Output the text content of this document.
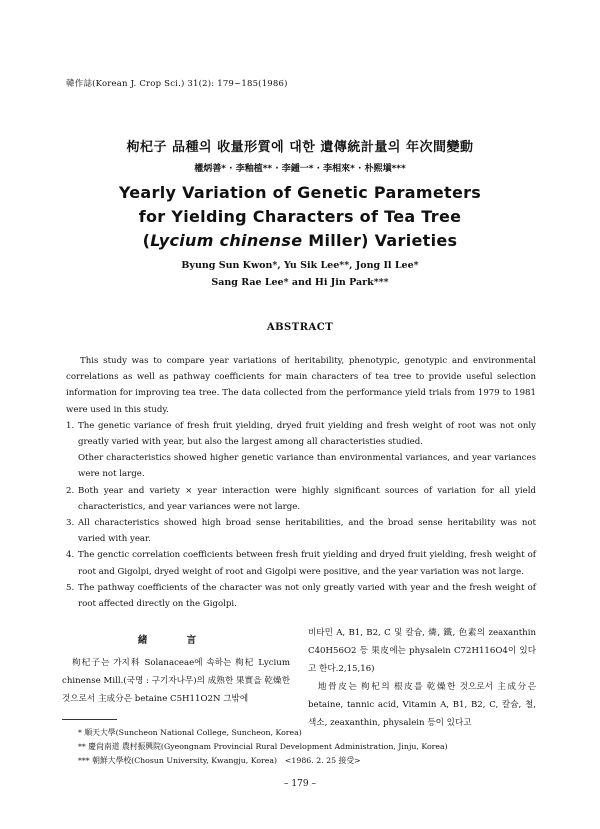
韓作誌(Korean J. Crop Sci.) 31(2): 179~185(1986)
枸杞子 品種의 收量形質에 대한 遺傳統計量의 年次間變動
權炳善* · 李釉植** · 李鍾一* · 李相來* · 朴熙塡***
Yearly Variation of Genetic Parameters
for Yielding Characters of Tea Tree
(Lycium chinense Miller) Varieties
Byung Sun Kwon*, Yu Sik Lee**, Jong Il Lee*
Sang Rae Lee* and Hi Jin Park***
ABSTRACT

This study was to compare year variations of heritability, phenotypic, genotypic and environmental correlations as well as pathway coefficients for main characters of tea tree to provide useful selection information for improving tea tree. The data collected from the performance yield trials from 1979 to 1981 were used in this study.

1. The genetic variance of fresh fruit yielding, dryed fruit yielding and fresh weight of root was not only greatly varied with year, but also the largest among all characteristies studied.
Other characteristics showed higher genetic variance than environmental variances, and year variances were not large.
2. Both year and variety × year interaction were highly significant sources of variation for all yield characteristics, and year variances were not large.
3. All characteristics showed high broad sense heritabilities, and the broad sense heritability was not varied with year.
4. The genctic correlation coefficients between fresh fruit yielding and dryed fruit yielding, fresh weight of root and Gigolpi, dryed weight of root and Gigolpi were positive, and the year variation was not large.
5. The pathway coefficients of the character was not only greatly varied with year and the fresh weight of root affected directly on the Gigolpi.
緒 言

枸杞子는 가지科 Solanaceae에 속하는 枸杞 Lycium chinense Mill.(국명 : 구기자나무)의 成熟한 果實을 乾燥한 것으로서 主成分은 betaine C5H11O2N 그밖에

비타민 A, B1, B2, C 및 칼슘, 燐, 鐵, 色素의 zeaxanthin C40H56O2 등 果皮에는 physalein C72H116O4이 있다고 한다.2,15,16)

地骨皮는 枸杞의 根皮를 乾燥한 것으로서 主成分은 betaine, tannic acid, Vitamin A, B1, B2, C, 칼슘, 철, 색소, zeaxanthin, physalein 등이 있다고

* 順天大學(Suncheon National College, Suncheon, Korea)
** 慶尙南道 農村振興院(Gyeongnam Provincial Rural Development Administration, Jinju, Korea)
*** 朝鮮大學校(Chosun University, Kwangju, Korea)　<1986. 2. 25 接受>
– 179 –
